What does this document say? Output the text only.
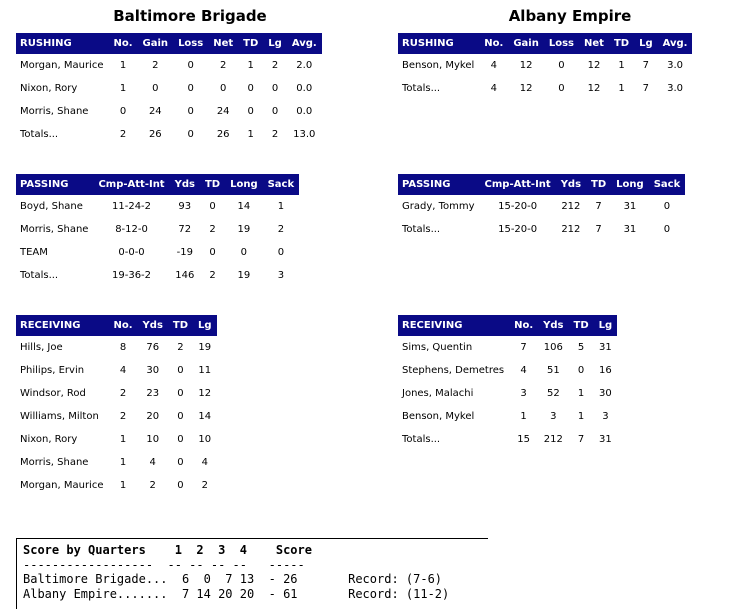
Baltimore Brigade	Albany Empire
RUSHING	No.	Gain	Loss	Net	TD	Lg	Avg.
Morgan, Maurice	1	2	0	2	1	2	2.0
Nixon, Rory	1	0	0	0	0	0	0.0
Morris, Shane	0	24	0	24	0	0	0.0
Totals...	2	26	0	26	1	2	13.0
RUSHING	No.	Gain	Loss	Net	TD	Lg	Avg.
Benson, Mykel	4	12	0	12	1	7	3.0
Totals...	4	12	0	12	1	7	3.0
PASSING	Cmp-Att-Int	Yds	TD	Long	Sack
Boyd, Shane	11-24-2	93	0	14	1
Morris, Shane	8-12-0	72	2	19	2
TEAM	0-0-0	-19	0	0	0
Totals...	19-36-2	146	2	19	3
PASSING	Cmp-Att-Int	Yds	TD	Long	Sack
Grady, Tommy	15-20-0	212	7	31	0
Totals...	15-20-0	212	7	31	0
RECEIVING	No.	Yds	TD	Lg
Hills, Joe	8	76	2	19
Philips, Ervin	4	30	0	11
Windsor, Rod	2	23	0	12
Williams, Milton	2	20	0	14
Nixon, Rory	1	10	0	10
Morris, Shane	1	4	0	4
Morgan, Maurice	1	2	0	2
RECEIVING	No.	Yds	TD	Lg
Sims, Quentin	7	106	5	31
Stephens, Demetres	4	51	0	16
Jones, Malachi	3	52	1	30
Benson, Mykel	1	3	1	3
Totals...	15	212	7	31
Score by Quarters    1  2  3  4    Score
------------------  -- -- -- --   -----
Baltimore Brigade...  6  0  7 13  - 26       Record: (7-6)
Albany Empire.......  7 14 20 20  - 61       Record: (11-2)
